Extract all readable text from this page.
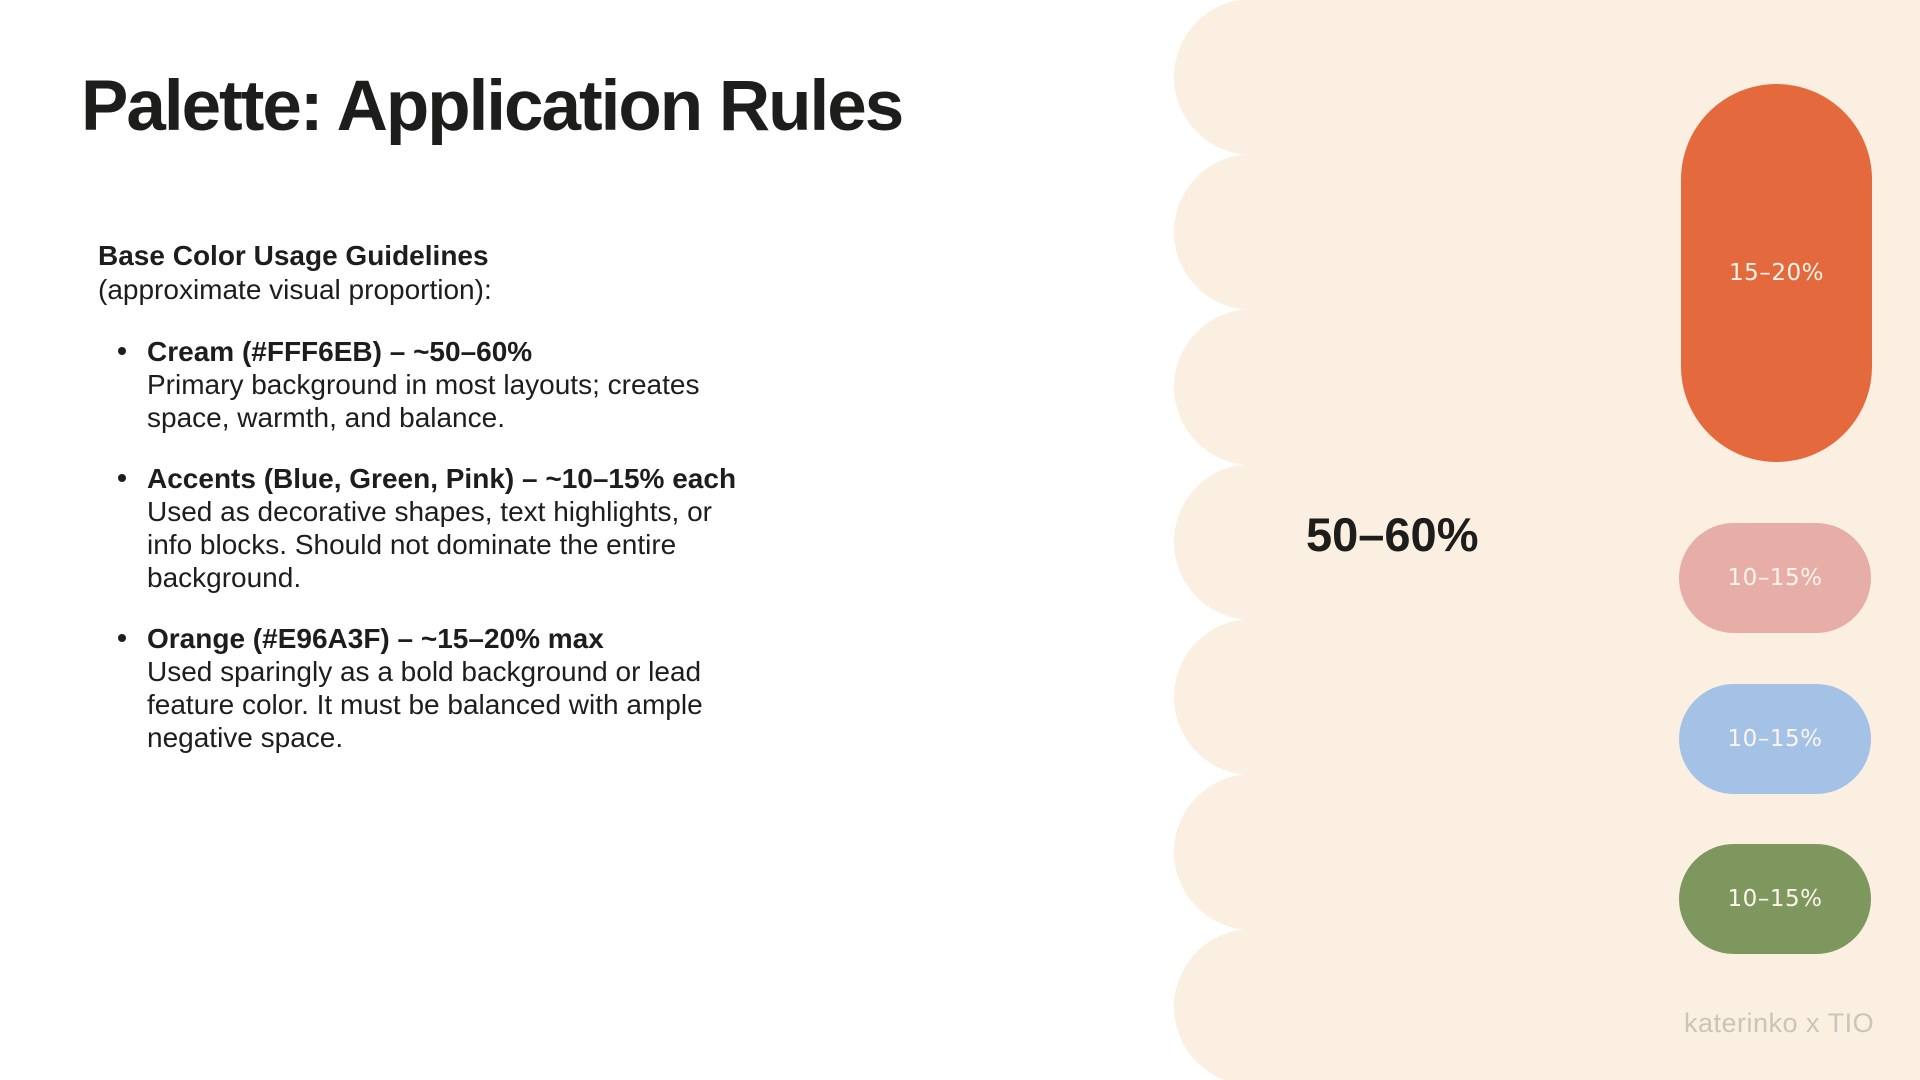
Palette: Application Rules
Base Color Usage Guidelines
(approximate visual proportion):
Cream (#FFF6EB) – ~50–60%
Primary background in most layouts; creates
space, warmth, and balance.
Accents (Blue, Green, Pink) – ~10–15% each
Used as decorative shapes, text highlights, or
info blocks. Should not dominate the entire
background.
Orange (#E96A3F) – ~15–20% max
Used sparingly as a bold background or lead
feature color. It must be balanced with ample
negative space.
50–60%
15–20%
10–15%
10–15%
10–15%
katerinko x TIO
